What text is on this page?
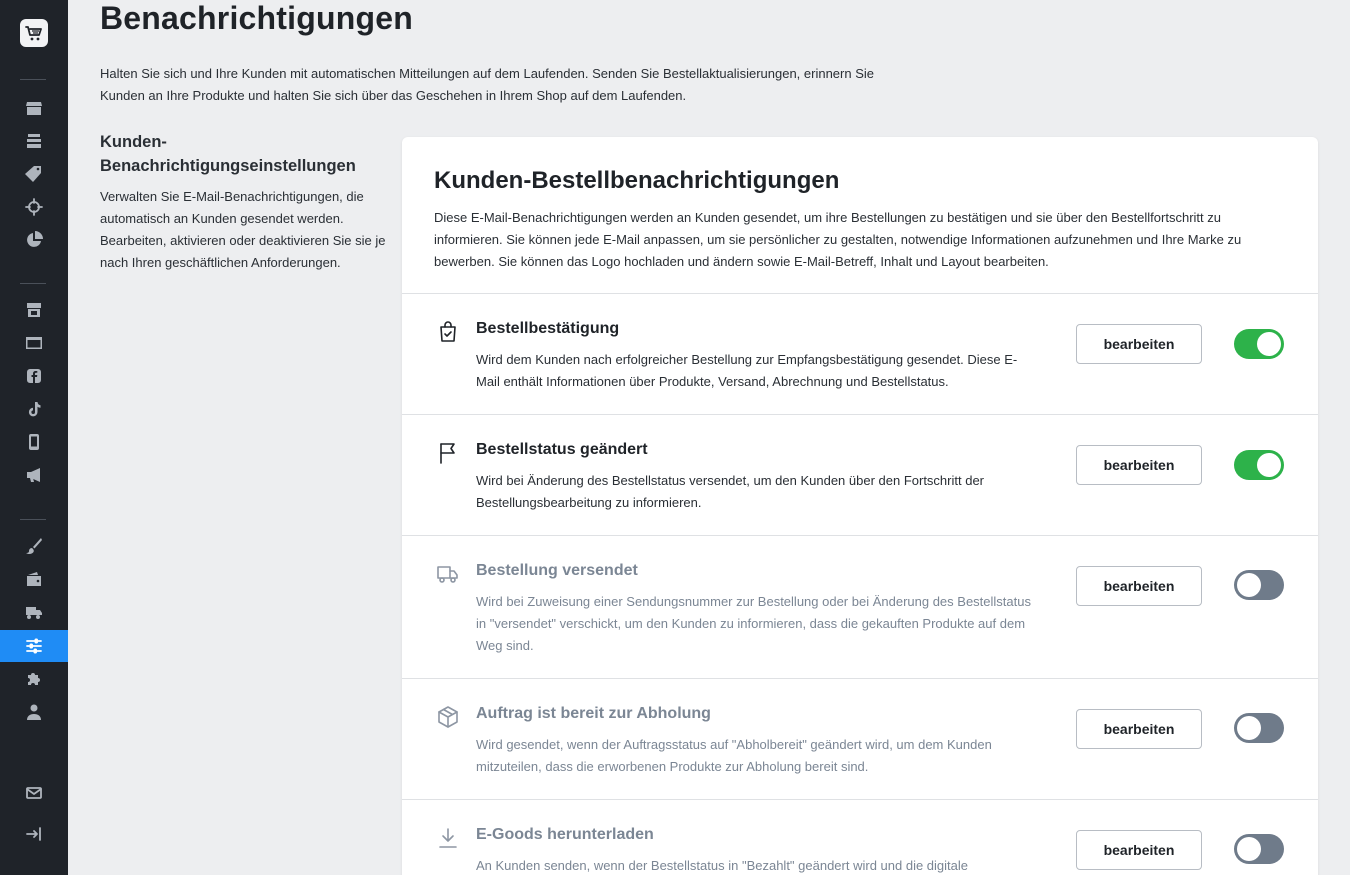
Benachrichtigungen

Halten Sie sich und Ihre Kunden mit automatischen Mitteilungen auf dem Laufenden. Senden Sie Bestellaktualisierungen, erinnern Sie Kunden an Ihre Produkte und halten Sie sich über das Geschehen in Ihrem Shop auf dem Laufenden.

Kunden-Benachrichtigungseinstellungen

Verwalten Sie E-Mail-Benachrichtigungen, die automatisch an Kunden gesendet werden. Bearbeiten, aktivieren oder deaktivieren Sie sie je nach Ihren geschäftlichen Anforderungen.

Kunden-Bestellbenachrichtigungen

Diese E-Mail-Benachrichtigungen werden an Kunden gesendet, um ihre Bestellungen zu bestätigen und sie über den Bestellfortschritt zu informieren. Sie können jede E-Mail anpassen, um sie persönlicher zu gestalten, notwendige Informationen aufzunehmen und Ihre Marke zu bewerben. Sie können das Logo hochladen und ändern sowie E-Mail-Betreff, Inhalt und Layout bearbeiten.

Bestellbestätigung
Wird dem Kunden nach erfolgreicher Bestellung zur Empfangsbestätigung gesendet. Diese E-Mail enthält Informationen über Produkte, Versand, Abrechnung und Bestellstatus.
bearbeiten
Bestellstatus geändert
Wird bei Änderung des Bestellstatus versendet, um den Kunden über den Fortschritt der Bestellungsbearbeitung zu informieren.
bearbeiten
Bestellung versendet
Wird bei Zuweisung einer Sendungsnummer zur Bestellung oder bei Änderung des Bestellstatus in "versendet" verschickt, um den Kunden zu informieren, dass die gekauften Produkte auf dem Weg sind.
bearbeiten
Auftrag ist bereit zur Abholung
Wird gesendet, wenn der Auftragsstatus auf "Abholbereit" geändert wird, um dem Kunden mitzuteilen, dass die erworbenen Produkte zur Abholung bereit sind.
bearbeiten
E-Goods herunterladen
An Kunden senden, wenn der Bestellstatus in "Bezahlt" geändert wird und die digitale
bearbeiten
